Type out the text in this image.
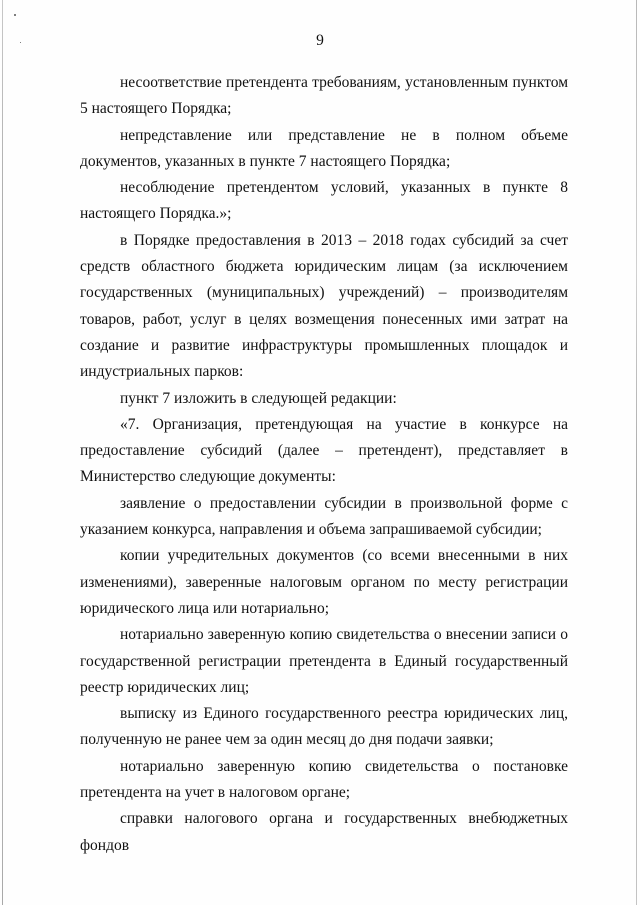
9

несоответствие претендента требованиям, установленным пунктом 5 настоящего Порядка;

непредставление или представление не в полном объеме документов, указанных в пункте 7 настоящего Порядка;

несоблюдение претендентом условий, указанных в пункте 8 настоящего Порядка.»;

в Порядке предоставления в 2013 – 2018 годах субсидий за счет средств областного бюджета юридическим лицам (за исключением государственных (муниципальных) учреждений) – производителям товаров, работ, услуг в целях возмещения понесенных ими затрат на создание и развитие инфраструктуры промышленных площадок и индустриальных парков:

пункт 7 изложить в следующей редакции:

«7. Организация, претендующая на участие в конкурсе на предоставление субсидий (далее – претендент), представляет в Министерство следующие документы:

заявление о предоставлении субсидии в произвольной форме с указанием конкурса, направления и объема запрашиваемой субсидии;

копии учредительных документов (со всеми внесенными в них изменениями), заверенные налоговым органом по месту регистрации юридического лица или нотариально;

нотариально заверенную копию свидетельства о внесении записи о государственной регистрации претендента в Единый государственный реестр юридических лиц;

выписку из Единого государственного реестра юридических лиц, полученную не ранее чем за один месяц до дня подачи заявки;

нотариально заверенную копию свидетельства о постановке претендента на учет в налоговом органе;

справки налогового органа и государственных внебюджетных фондов
